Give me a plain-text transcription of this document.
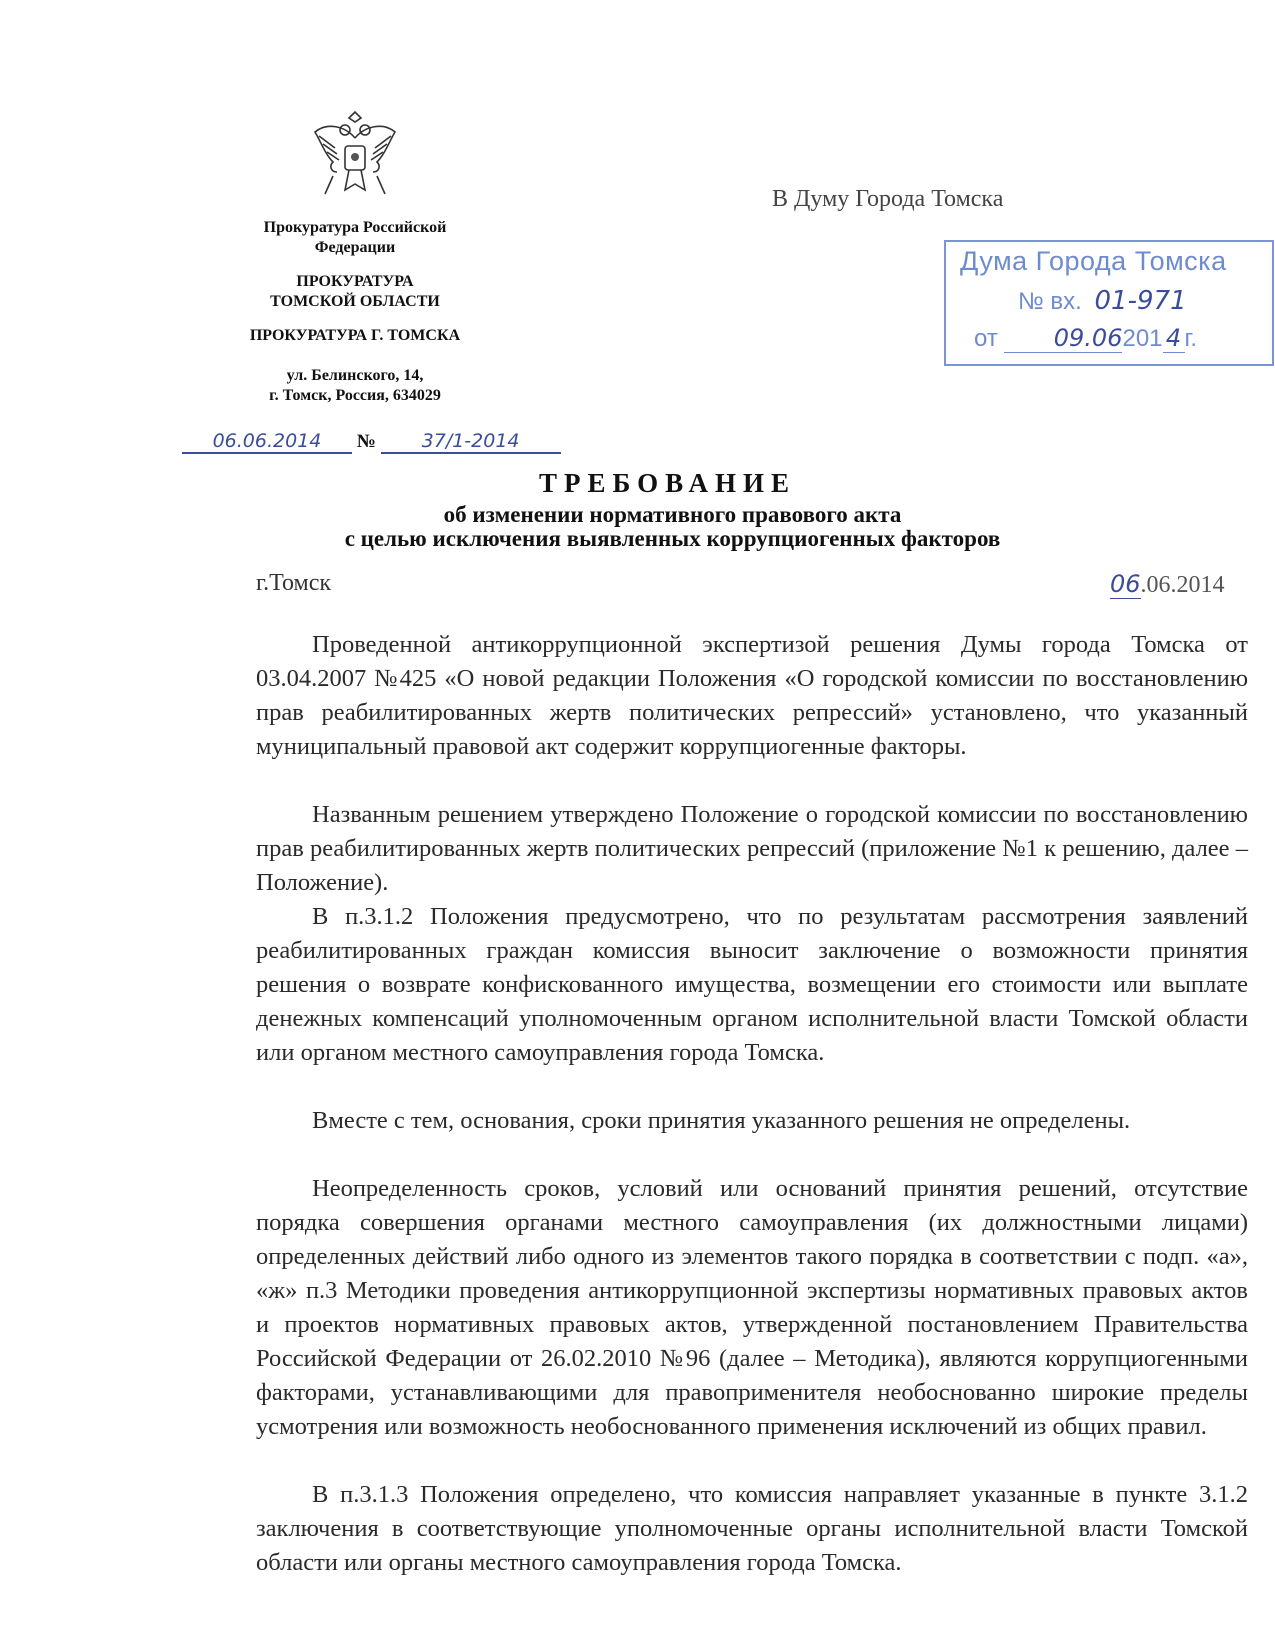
Прокуратура Российской
Федерации
ПРОКУРАТУРА
ТОМСКОЙ ОБЛАСТИ
ПРОКУРАТУРА Г. ТОМСКА
ул. Белинского, 14,
г. Томск, Россия, 634029
06.06.2014 № 37/1-2014
В Думу Города Томска
Дума Города Томска
№ вх. 01-971
от 09.06201 4 г.
ТРЕБОВАНИЕ
об изменении нормативного правового акта
с целью исключения выявленных коррупциогенных факторов
г.Томск	06.06.2014
Проведенной антикоррупционной экспертизой решения Думы города Томска от 03.04.2007 №425 «О новой редакции Положения «О городской комиссии по восстановлению прав реабилитированных жертв политических репрессий» установлено, что указанный муниципальный правовой акт содержит коррупциогенные факторы.
Названным решением утверждено Положение о городской комиссии по восстановлению прав реабилитированных жертв политических репрессий (приложение №1 к решению, далее – Положение).
В п.3.1.2 Положения предусмотрено, что по результатам рассмотрения заявлений реабилитированных граждан комиссия выносит заключение о возможности принятия решения о возврате конфискованного имущества, возмещении его стоимости или выплате денежных компенсаций уполномоченным органом исполнительной власти Томской области или органом местного самоуправления города Томска.
Вместе с тем, основания, сроки принятия указанного решения не определены.
Неопределенность сроков, условий или оснований принятия решений, отсутствие порядка совершения органами местного самоуправления (их должностными лицами) определенных действий либо одного из элементов такого порядка в соответствии с подп. «а», «ж» п.3 Методики проведения антикоррупционной экспертизы нормативных правовых актов и проектов нормативных правовых актов, утвержденной постановлением Правительства Российской Федерации от 26.02.2010 №96 (далее – Методика), являются коррупциогенными факторами, устанавливающими для правоприменителя необоснованно широкие пределы усмотрения или возможность необоснованного применения исключений из общих правил.
В п.3.1.3 Положения определено, что комиссия направляет указанные в пункте 3.1.2 заключения в соответствующие уполномоченные органы исполнительной власти Томской области или органы местного самоуправления города Томска.
